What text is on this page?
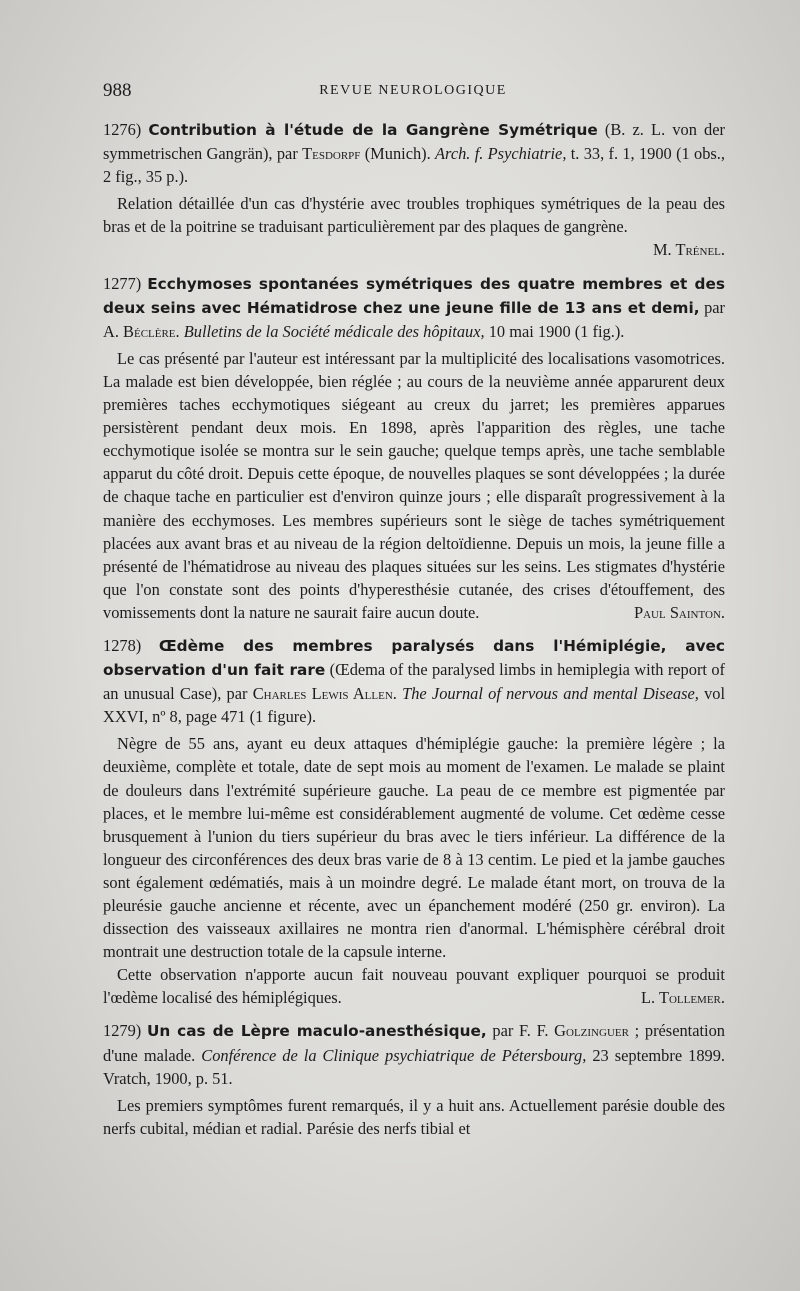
988	REVUE NEUROLOGIQUE

1276) Contribution à l'étude de la Gangrène Symétrique (B. z. L. von der symmetrischen Gangrän), par Tesdorpf (Munich). Arch. f. Psychiatrie, t. 33, f. 1, 1900 (1 obs., 2 fig., 35 p.).

Relation détaillée d'un cas d'hystérie avec troubles trophiques symétriques de la peau des bras et de la poitrine se traduisant particulièrement par des plaques de gangrène.
M. Trénel.

1277) Ecchymoses spontanées symétriques des quatre membres et des deux seins avec Hématidrose chez une jeune fille de 13 ans et demi, par A. Béclère. Bulletins de la Société médicale des hôpitaux, 10 mai 1900 (1 fig.).

Le cas présenté par l'auteur est intéressant par la multiplicité des localisations vasomotrices. La malade est bien développée, bien réglée ; au cours de la neuvième année apparurent deux premières taches ecchymotiques siégeant au creux du jarret; les premières apparues persistèrent pendant deux mois. En 1898, après l'apparition des règles, une tache ecchymotique isolée se montra sur le sein gauche; quelque temps après, une tache semblable apparut du côté droit. Depuis cette époque, de nouvelles plaques se sont développées ; la durée de chaque tache en particulier est d'environ quinze jours ; elle disparaît progressivement à la manière des ecchymoses. Les membres supérieurs sont le siège de taches symétriquement placées aux avant bras et au niveau de la région deltoïdienne. Depuis un mois, la jeune fille a présenté de l'hématidrose au niveau des plaques situées sur les seins. Les stigmates d'hystérie que l'on constate sont des points d'hyperesthésie cutanée, des crises d'étouffement, des vomissements dont la nature ne saurait faire aucun doute.	Paul Sainton.

1278) Œdème des membres paralysés dans l'Hémiplégie, avec observation d'un fait rare (Œdema of the paralysed limbs in hemiplegia with report of an unusual Case), par Charles Lewis Allen. The Journal of nervous and mental Disease, vol XXVI, nº 8, page 471 (1 figure).

Nègre de 55 ans, ayant eu deux attaques d'hémiplégie gauche: la première légère ; la deuxième, complète et totale, date de sept mois au moment de l'examen. Le malade se plaint de douleurs dans l'extrémité supérieure gauche. La peau de ce membre est pigmentée par places, et le membre lui-même est considérablement augmenté de volume. Cet œdème cesse brusquement à l'union du tiers supérieur du bras avec le tiers inférieur. La différence de la longueur des circonférences des deux bras varie de 8 à 13 centim. Le pied et la jambe gauches sont également œdématiés, mais à un moindre degré. Le malade étant mort, on trouva de la pleurésie gauche ancienne et récente, avec un épanchement modéré (250 gr. environ). La dissection des vaisseaux axillaires ne montra rien d'anormal. L'hémisphère cérébral droit montrait une destruction totale de la capsule interne.

Cette observation n'apporte aucun fait nouveau pouvant expliquer pourquoi se produit l'œdème localisé des hémiplégiques.	L. Tollemer.

1279) Un cas de Lèpre maculo-anesthésique, par F. F. Golzinguer ; présentation d'une malade. Conférence de la Clinique psychiatrique de Pétersbourg, 23 septembre 1899. Vratch, 1900, p. 51.

Les premiers symptômes furent remarqués, il y a huit ans. Actuellement parésie double des nerfs cubital, médian et radial. Parésie des nerfs tibial et
